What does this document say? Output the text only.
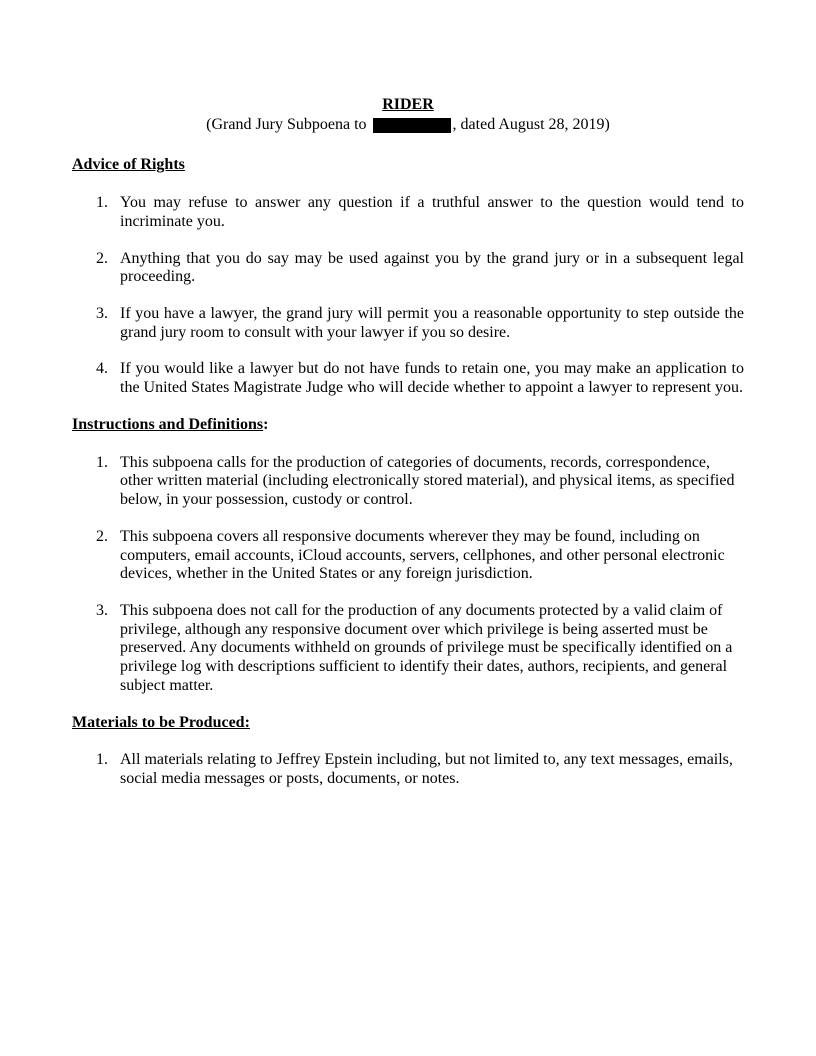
RIDER
(Grand Jury Subpoena to	, dated August 28, 2019)
Advice of Rights
1. You may refuse to answer any question if a truthful answer to the question would tend to incriminate you.
2. Anything that you do say may be used against you by the grand jury or in a subsequent legal proceeding.
3. If you have a lawyer, the grand jury will permit you a reasonable opportunity to step outside the grand jury room to consult with your lawyer if you so desire.
4. If you would like a lawyer but do not have funds to retain one, you may make an application to the United States Magistrate Judge who will decide whether to appoint a lawyer to represent you.
Instructions and Definitions:
1. This subpoena calls for the production of categories of documents, records, correspondence, other written material (including electronically stored material), and physical items, as specified below, in your possession, custody or control.
2. This subpoena covers all responsive documents wherever they may be found, including on computers, email accounts, iCloud accounts, servers, cellphones, and other personal electronic devices, whether in the United States or any foreign jurisdiction.
3. This subpoena does not call for the production of any documents protected by a valid claim of privilege, although any responsive document over which privilege is being asserted must be preserved. Any documents withheld on grounds of privilege must be specifically identified on a privilege log with descriptions sufficient to identify their dates, authors, recipients, and general subject matter.
Materials to be Produced:
1. All materials relating to Jeffrey Epstein including, but not limited to, any text messages, emails, social media messages or posts, documents, or notes.
